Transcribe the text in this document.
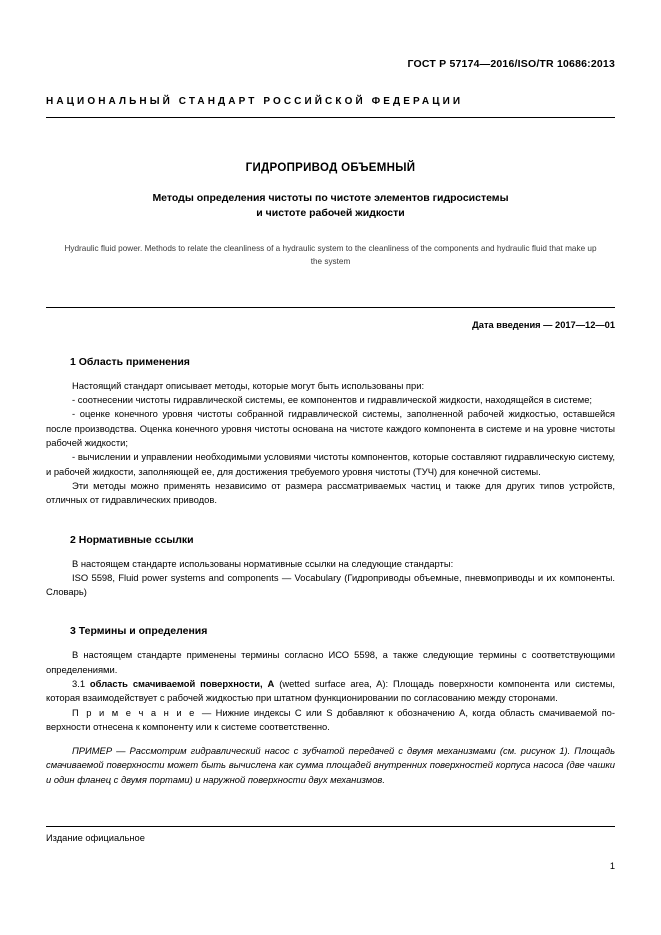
ГОСТ Р 57174—2016/ISO/TR 10686:2013
НАЦИОНАЛЬНЫЙ СТАНДАРТ РОССИЙСКОЙ ФЕДЕРАЦИИ
ГИДРОПРИВОД ОБЪЕМНЫЙ
Методы определения чистоты по чистоте элементов гидросистемы
и чистоте рабочей жидкости
Hydraulic fluid power. Methods to relate the cleanliness of a hydraulic system to the cleanliness of the components and hydraulic fluid that make up the system
Дата введения — 2017—12—01
1 Область применения

Настоящий стандарт описывает методы, которые могут быть использованы при:

- соотнесении чистоты гидравлической системы, ее компонентов и гидравлической жидкости, находящейся в системе;

- оценке конечного уровня чистоты собранной гидравлической системы, заполненной рабочей жидкостью, оставшейся после производства. Оценка конечного уровня чистоты основана на чистоте каждого компонента в системе и на уровне чистоты рабочей жидкости;

- вычислении и управлении необходимыми условиями чистоты компонентов, которые составляют гидравлическую систему, и рабочей жидкости, заполняющей ее, для достижения требуемого уровня чистоты (ТУЧ) для конечной системы.

Эти методы можно применять независимо от размера рассматриваемых частиц и также для других типов устройств, отличных от гидравлических приводов.

2 Нормативные ссылки

В настоящем стандарте использованы нормативные ссылки на следующие стандарты:

ISO 5598, Fluid power systems and components — Vocabulary (Гидроприводы объемные, пневмоприводы и их компоненты. Словарь)

3 Термины и определения

В настоящем стандарте применены термины согласно ИСО 5598, а также следующие термины с соответствующими определениями.

3.1 область смачиваемой поверхности, А (wetted surface area, A): Площадь поверхности компонента или системы, которая взаимодействует с рабочей жидкостью при штатном функционировании по согласованию между сторонами.

П р и м е ч а н и е — Нижние индексы С или S добавляют к обозначению А, когда область смачиваемой поверхности отнесена к компоненту или к системе соответственно.

ПРИМЕР — Рассмотрим гидравлический насос с зубчатой передачей с двумя механизмами (см. рисунок 1). Площадь смачиваемой поверхности может быть вычислена как сумма площадей внутренних поверхностей корпуса насоса (две чашки и один фланец с двумя портами) и наружной поверхности двух механизмов.

Издание официальное
1
